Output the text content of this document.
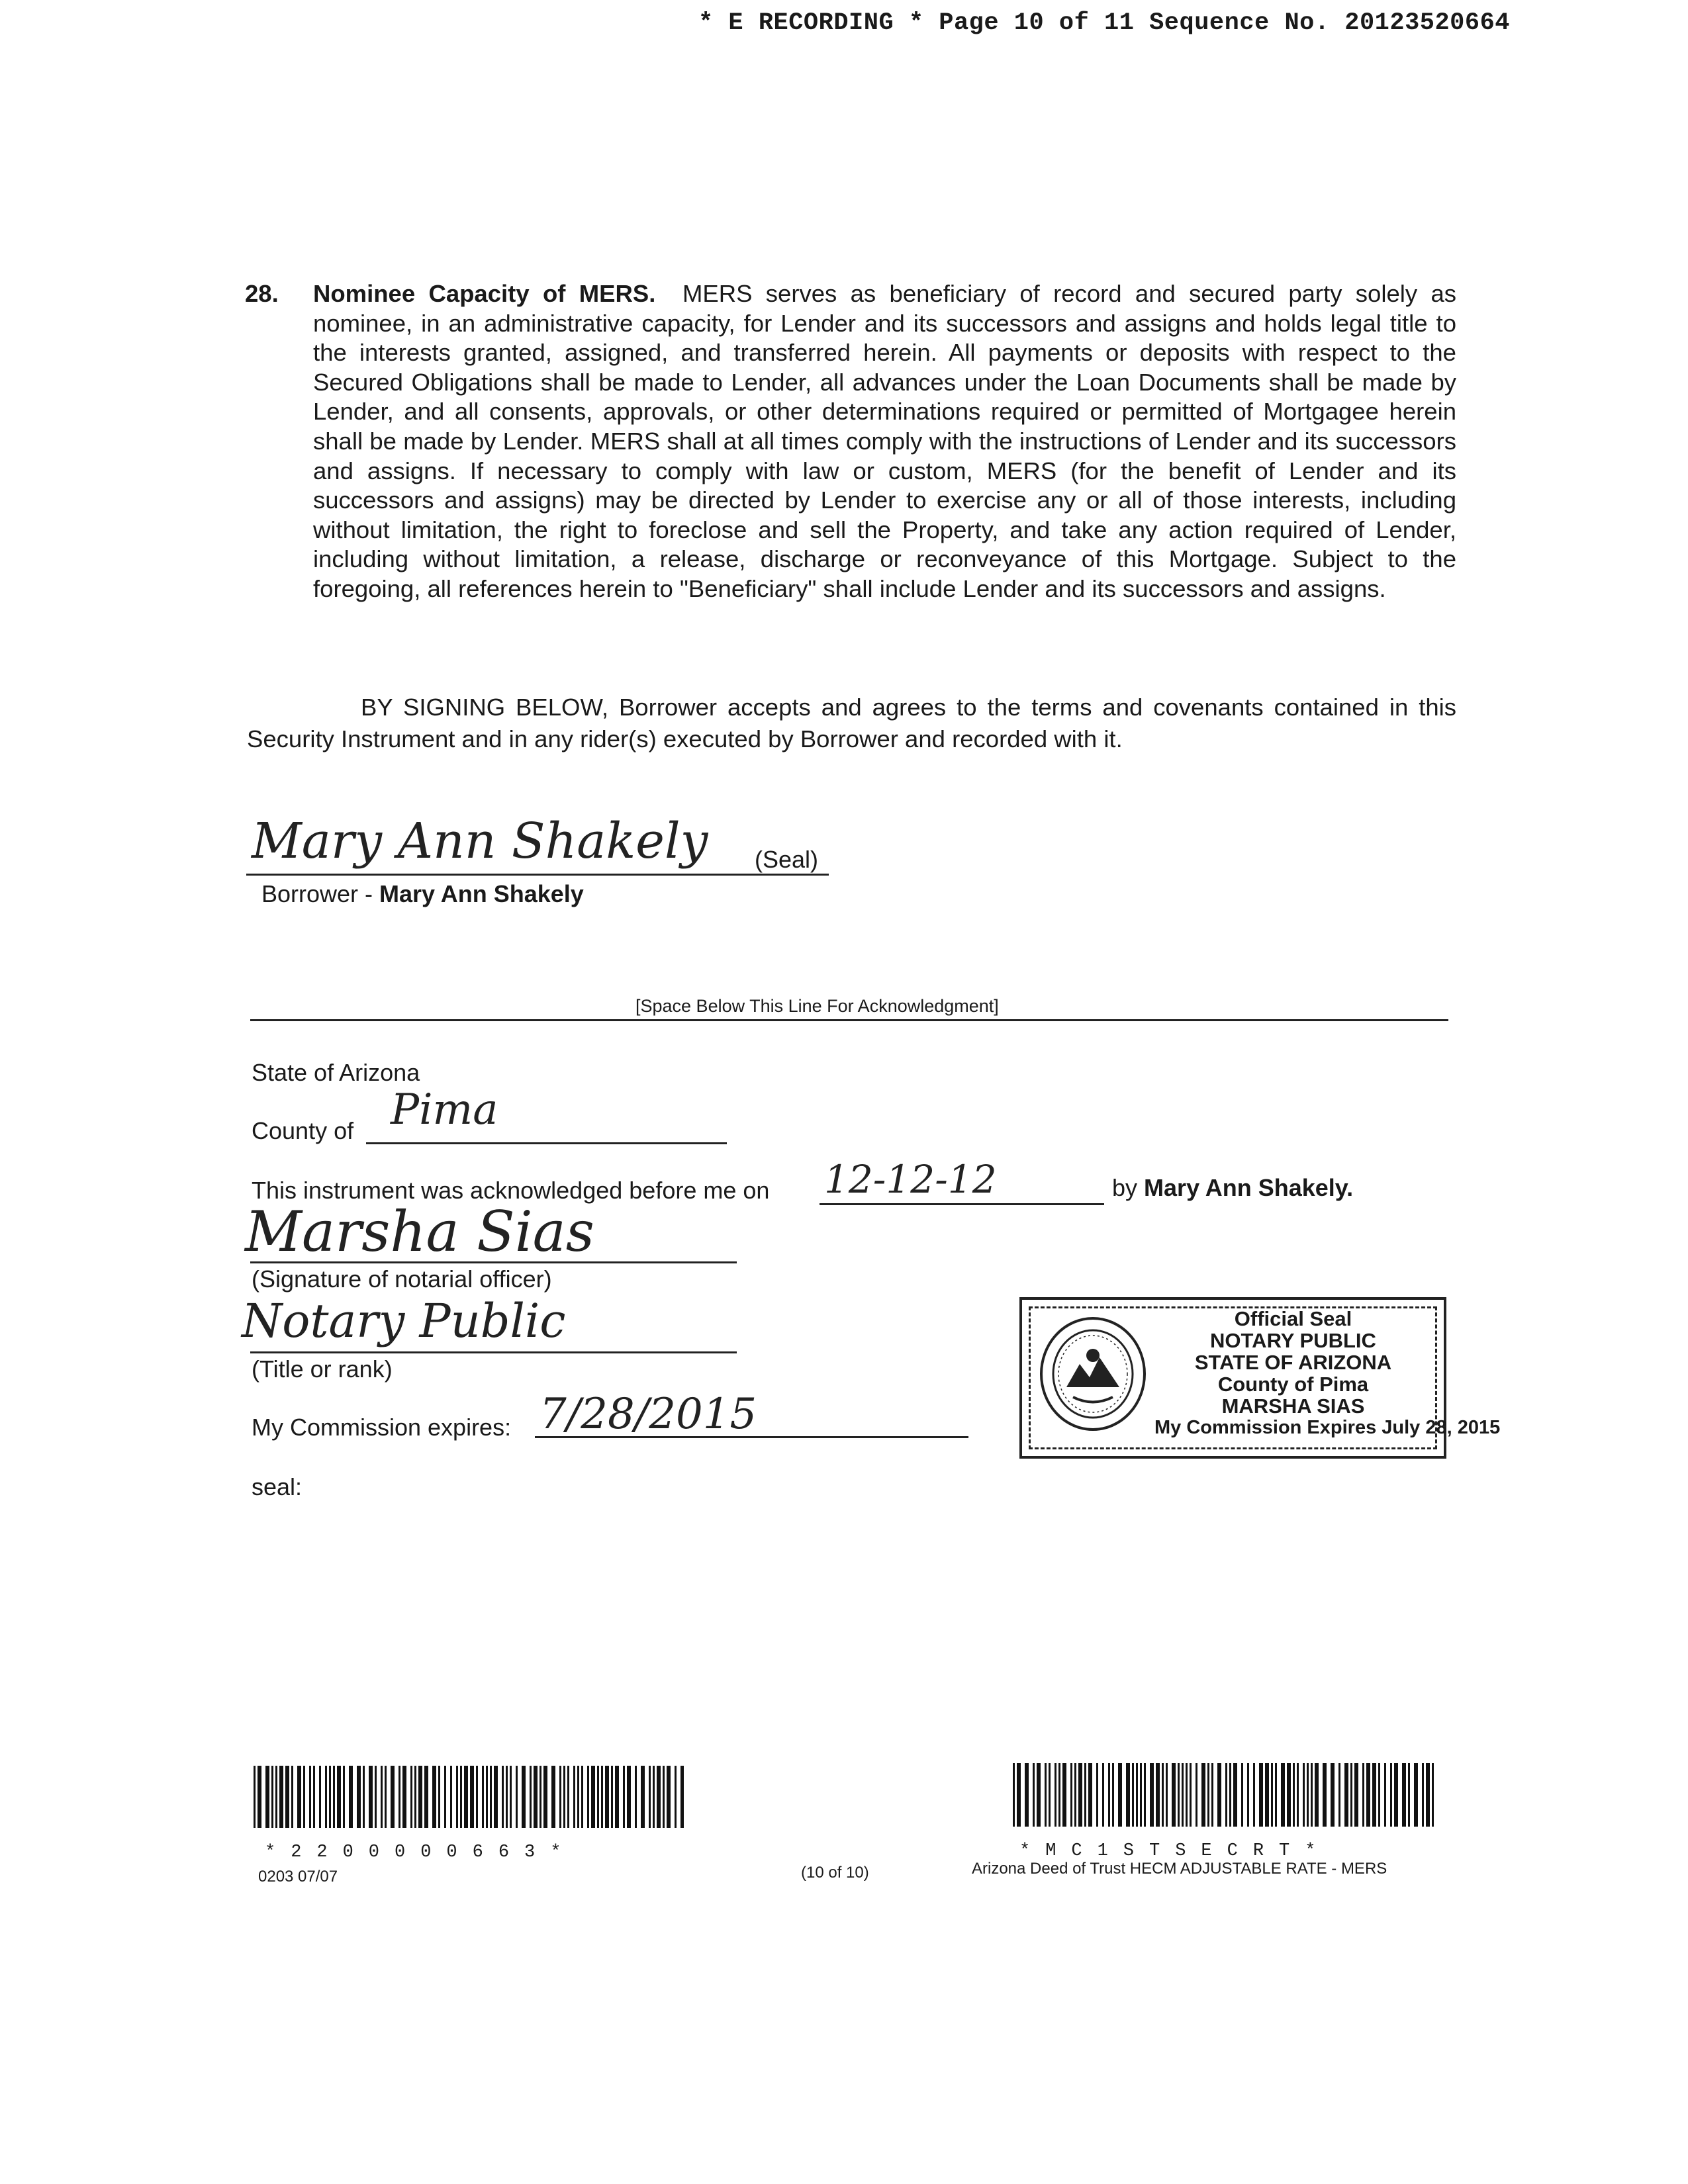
* E RECORDING * Page 10 of 11 Sequence No. 20123520664
28. Nominee Capacity of MERS. MERS serves as beneficiary of record and secured party solely as nominee, in an administrative capacity, for Lender and its successors and assigns and holds legal title to the interests granted, assigned, and transferred herein. All payments or deposits with respect to the Secured Obligations shall be made to Lender, all advances under the Loan Documents shall be made by Lender, and all consents, approvals, or other determinations required or permitted of Mortgagee herein shall be made by Lender. MERS shall at all times comply with the instructions of Lender and its successors and assigns. If necessary to comply with law or custom, MERS (for the benefit of Lender and its successors and assigns) may be directed by Lender to exercise any or all of those interests, including without limitation, the right to foreclose and sell the Property, and take any action required of Lender, including without limitation, a release, discharge or reconveyance of this Mortgage. Subject to the foregoing, all references herein to "Beneficiary" shall include Lender and its successors and assigns.
BY SIGNING BELOW, Borrower accepts and agrees to the terms and covenants contained in this Security Instrument and in any rider(s) executed by Borrower and recorded with it.
Mary Ann Shakely (Seal)
Borrower - Mary Ann Shakely
[Space Below This Line For Acknowledgment]
State of Arizona
County of Pima
This instrument was acknowledged before me on 12-12-12	by Mary Ann Shakely.
Marsha Sias
(Signature of notarial officer)
Notary Public
(Title or rank)
My Commission expires: 7/28/2015
seal:
Official Seal
NOTARY PUBLIC
STATE OF ARIZONA
County of Pima
MARSHA SIAS
My Commission Expires July 28, 2015
*2200000663*
0203 07/07	(10 of 10)
*MC1STSECRT*
Arizona Deed of Trust HECM ADJUSTABLE RATE - MERS
